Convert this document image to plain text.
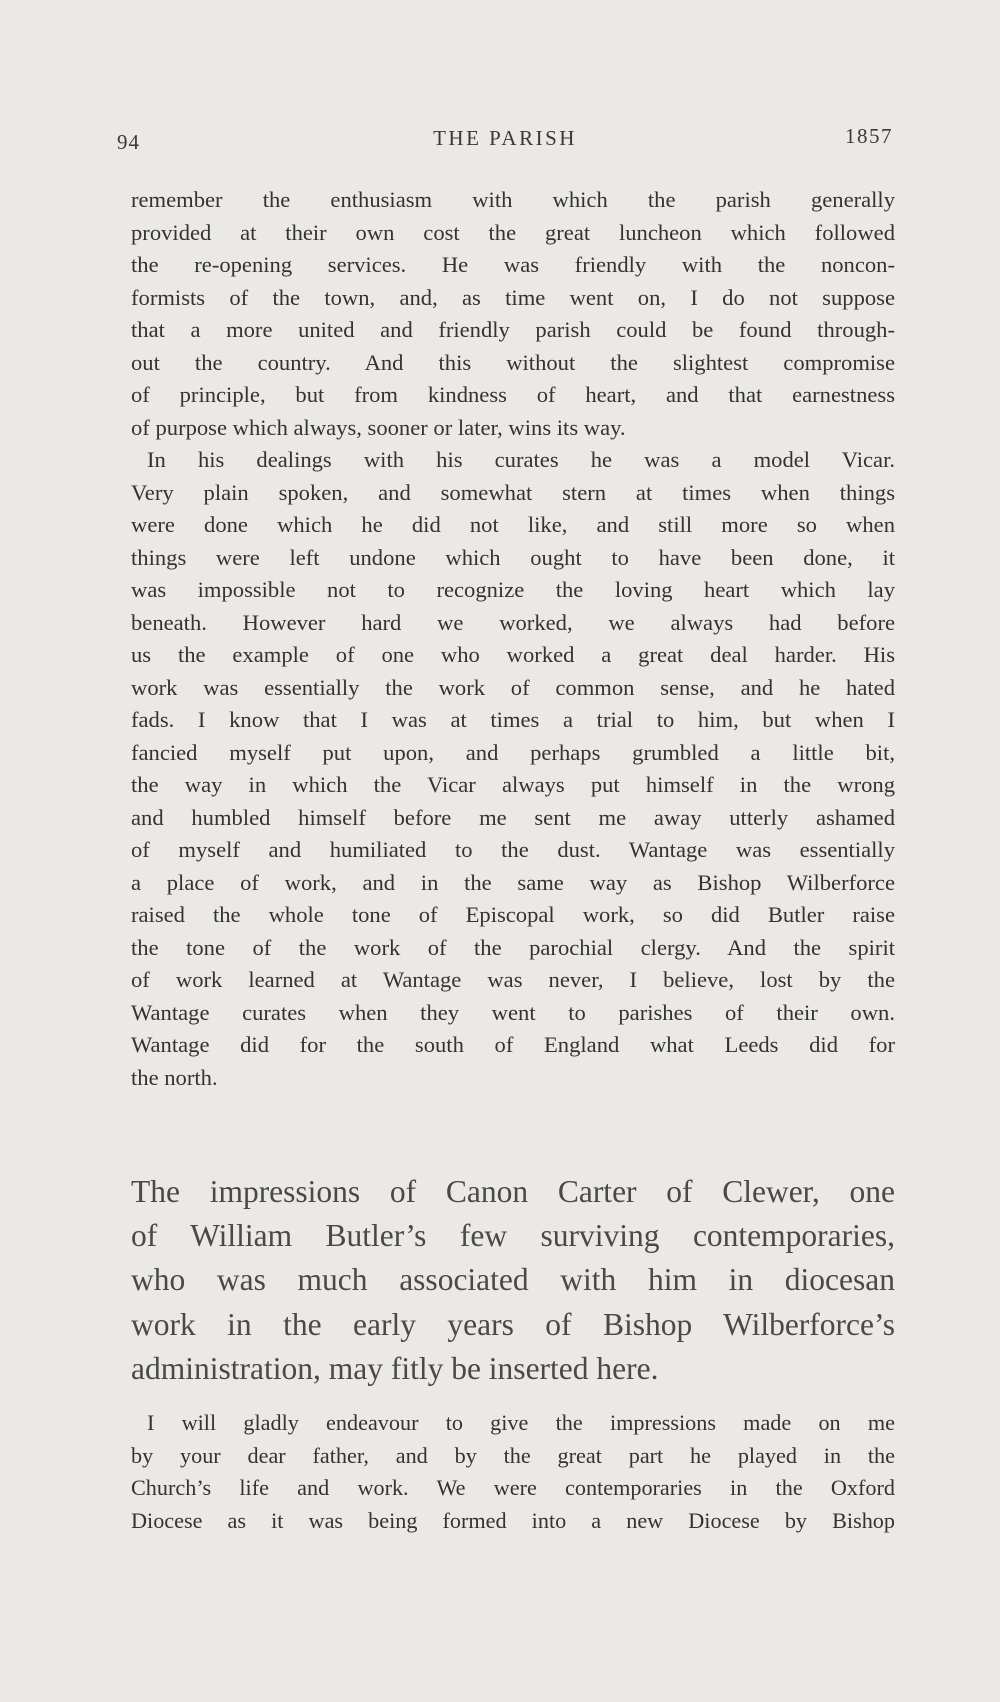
94	THE PARISH	1857
remember the enthusiasm with which the parish generally
provided at their own cost the great luncheon which followed
the re-opening services. He was friendly with the noncon-
formists of the town, and, as time went on, I do not suppose
that a more united and friendly parish could be found through-
out the country. And this without the slightest compromise
of principle, but from kindness of heart, and that earnestness
of purpose which always, sooner or later, wins its way.
In his dealings with his curates he was a model Vicar.
Very plain spoken, and somewhat stern at times when things
were done which he did not like, and still more so when
things were left undone which ought to have been done, it
was impossible not to recognize the loving heart which lay
beneath. However hard we worked, we always had before
us the example of one who worked a great deal harder. His
work was essentially the work of common sense, and he hated
fads. I know that I was at times a trial to him, but when I
fancied myself put upon, and perhaps grumbled a little bit,
the way in which the Vicar always put himself in the wrong
and humbled himself before me sent me away utterly ashamed
of myself and humiliated to the dust. Wantage was essentially
a place of work, and in the same way as Bishop Wilberforce
raised the whole tone of Episcopal work, so did Butler raise
the tone of the work of the parochial clergy. And the spirit
of work learned at Wantage was never, I believe, lost by the
Wantage curates when they went to parishes of their own.
Wantage did for the south of England what Leeds did for
the north.
The impressions of Canon Carter of Clewer, one
of William Butler’s few surviving contemporaries,
who was much associated with him in diocesan
work in the early years of Bishop Wilberforce’s
administration, may fitly be inserted here.
I will gladly endeavour to give the impressions made on me
by your dear father, and by the great part he played in the
Church’s life and work. We were contemporaries in the Oxford
Diocese as it was being formed into a new Diocese by Bishop
